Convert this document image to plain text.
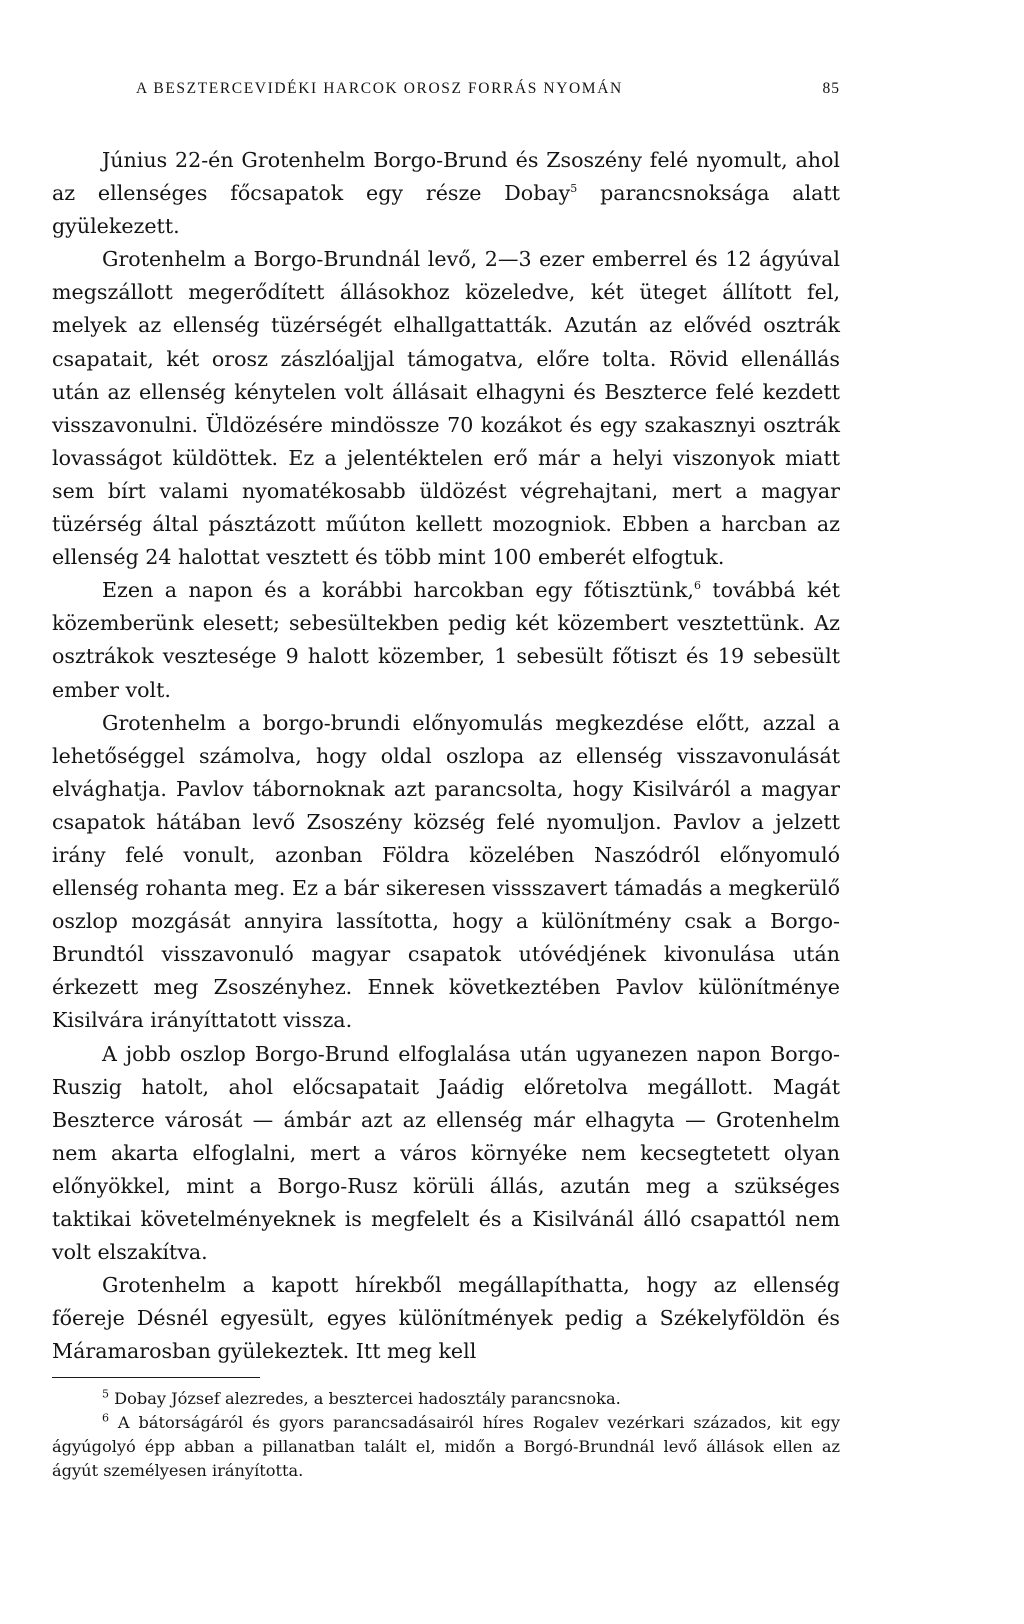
A BESZTERCEVIDÉKI HARCOK OROSZ FORRÁS NYOMÁN	85

Június 22-én Grotenhelm Borgo-Brund és Zsoszény felé nyomult, ahol az ellenséges főcsapatok egy része Dobay$^5$ parancsnoksága alatt gyülekezett.

Grotenhelm a Borgo-Brundnál levő, 2—3 ezer emberrel és 12 ágyúval megszállott megerődített állásokhoz közeledve, két üteget állított fel, melyek az ellenség tüzérségét elhallgattatták. Azután az elővéd osztrák csapatait, két orosz zászlóaljjal támogatva, előre tolta. Rövid ellenállás után az ellenség kénytelen volt állásait elhagyni és Beszterce felé kezdett visszavonulni. Üldözésére mindössze 70 kozákot és egy szakasznyi osztrák lovasságot küldöttek. Ez a jelentéktelen erő már a helyi viszonyok miatt sem bírt valami nyomatékosabb üldözést végrehajtani, mert a magyar tüzérség által pásztázott műúton kellett mozogniok. Ebben a harcban az ellenség 24 halottat vesztett és több mint 100 emberét elfogtuk.

Ezen a napon és a korábbi harcokban egy főtisztünk,$^6$ továbbá két közemberünk elesett; sebesültekben pedig két közembert vesztettünk. Az osztrákok vesztesége 9 halott közember, 1 sebesült főtiszt és 19 sebesült ember volt.

Grotenhelm a borgo-brundi előnyomulás megkezdése előtt, azzal a lehetőséggel számolva, hogy oldal oszlopa az ellenség visszavonulását elvághatja. Pavlov tábornoknak azt parancsolta, hogy Kisilváról a magyar csapatok hátában levő Zsoszény község felé nyomuljon. Pavlov a jelzett irány felé vonult, azonban Földra közelében Naszódról előnyomuló ellenség rohanta meg. Ez a bár sikeresen vissszavert támadás a megkerülő oszlop mozgását annyira lassította, hogy a különítmény csak a Borgo-Brundtól visszavonuló magyar csapatok utóvédjének kivonulása után érkezett meg Zsoszényhez. Ennek következtében Pavlov különítménye Kisilvára irányíttatott vissza.

A jobb oszlop Borgo-Brund elfoglalása után ugyanezen napon Borgo-Ruszig hatolt, ahol előcsapatait Jaádig előretolva megállott. Magát Beszterce városát — ámbár azt az ellenség már elhagyta — Grotenhelm nem akarta elfoglalni, mert a város környéke nem kecsegtetett olyan előnyökkel, mint a Borgo-Rusz körüli állás, azután meg a szükséges taktikai követelményeknek is megfelelt és a Kisilvánál álló csapattól nem volt elszakítva.

Grotenhelm a kapott hírekből megállapíthatta, hogy az ellenség főereje Désnél egyesült, egyes különítmények pedig a Székelyföldön és Máramarosban gyülekeztek. Itt meg kell

$^5$ Dobay József alezredes, a besztercei hadosztály parancsnoka.

$^6$ A bátorságáról és gyors parancsadásairól híres Rogalev vezérkari százados, kit egy ágyúgolyó épp abban a pillanatban talált el, midőn a Borgó-Brundnál levő állások ellen az ágyút személyesen irányította.
